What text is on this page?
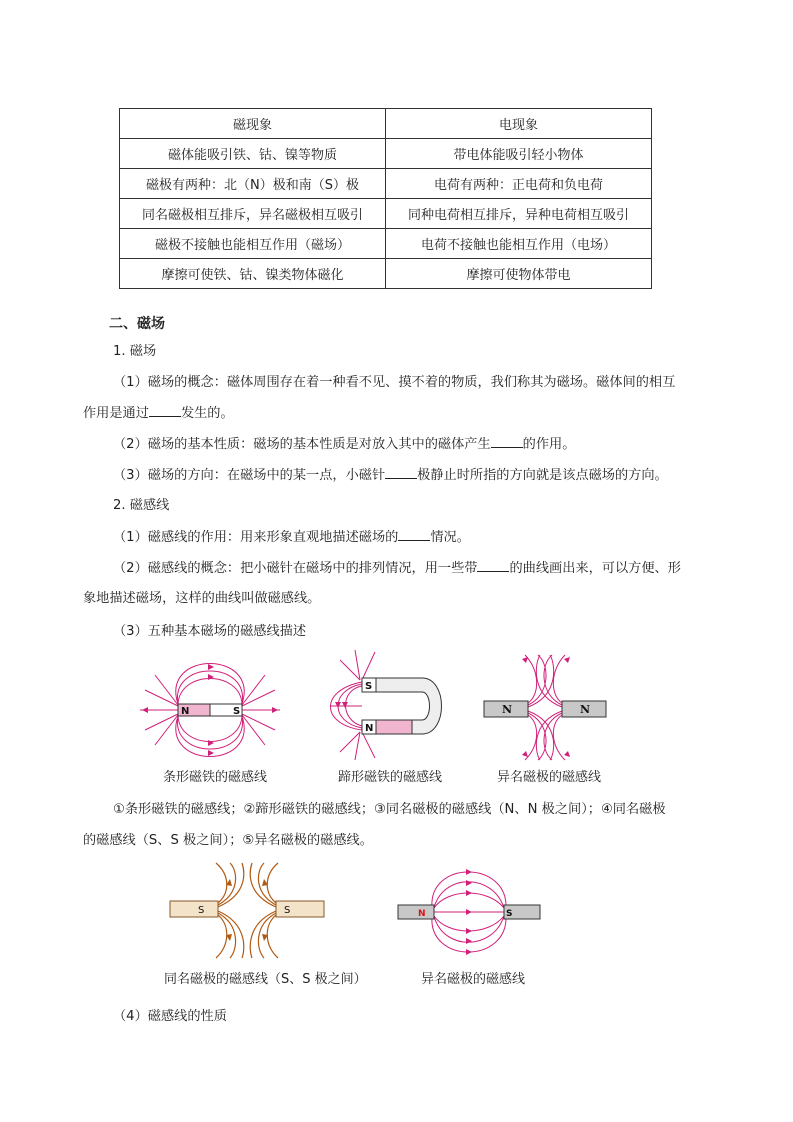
磁现象	电现象
磁体能吸引铁、钴、镍等物质	带电体能吸引轻小物体
磁极有两种：北（N）极和南（S）极	电荷有两种：正电荷和负电荷
同名磁极相互排斥，异名磁极相互吸引	同种电荷相互排斥，异种电荷相互吸引
磁极不接触也能相互作用（磁场）	电荷不接触也能相互作用（电场）
摩擦可使铁、钴、镍类物体磁化	摩擦可使物体带电
二、磁场
1. 磁场
（1）磁场的概念：磁体周围存在着一种看不见、摸不着的物质，我们称其为磁场。磁体间的相互
作用是通过 发生的。
（2）磁场的基本性质：磁场的基本性质是对放入其中的磁体产生 的作用。
（3）磁场的方向：在磁场中的某一点，小磁针 极静止时所指的方向就是该点磁场的方向。
2. 磁感线
（1）磁感线的作用：用来形象直观地描述磁场的 情况。
（2）磁感线的概念：把小磁针在磁场中的排列情况，用一些带 的曲线画出来，可以方便、形
象地描述磁场，这样的曲线叫做磁感线。
（3）五种基本磁场的磁感线描述
N	S
条形磁铁的磁感线
S
N
蹄形磁铁的磁感线
N	N
异名磁极的磁感线
①条形磁铁的磁感线；②蹄形磁铁的磁感线；③同名磁极的磁感线（N、N 极之间）；④同名磁极
的磁感线（S、S 极之间）；⑤异名磁极的磁感线。
S	S
同名磁极的磁感线（S、S 极之间）
N	S
异名磁极的磁感线
（4）磁感线的性质
